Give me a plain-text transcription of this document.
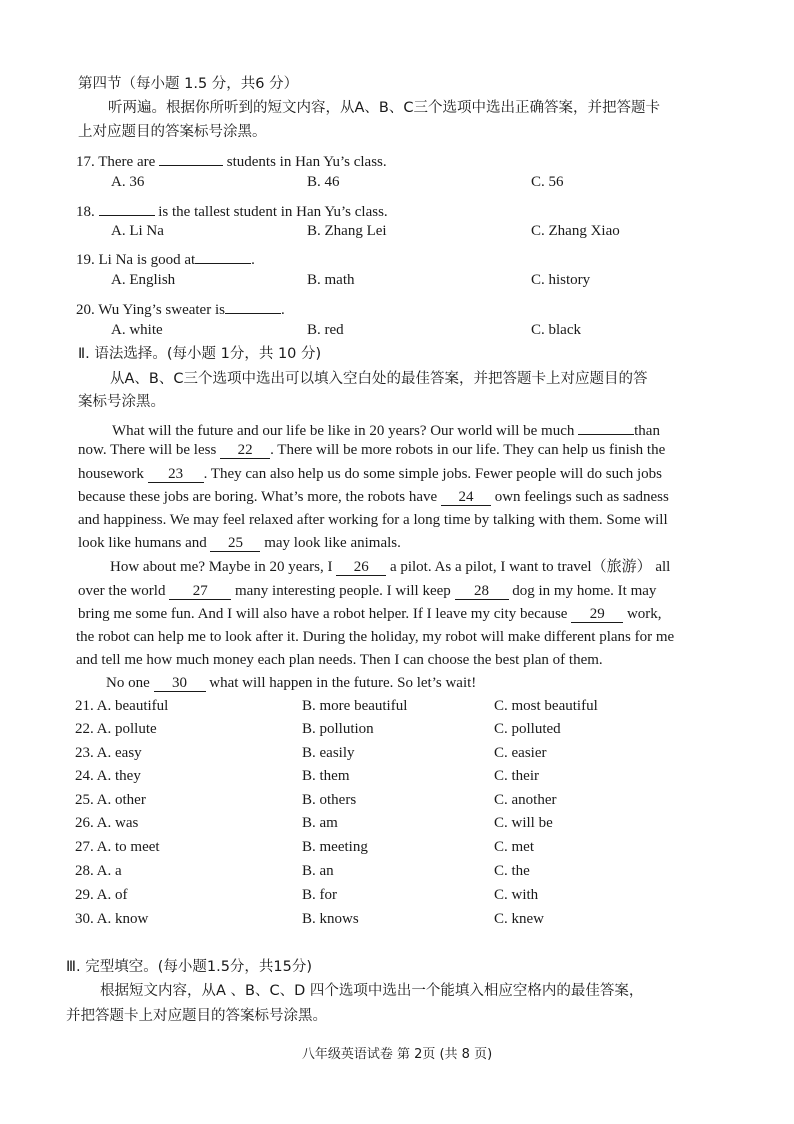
第四节（每小题 1.5 分，共6 分）
听两遍。根据你所听到的短文内容，从A、B、C三个选项中选出正确答案，并把答题卡
上对应题目的答案标号涂黑。
17. There are	students in Han Yu’s class.
A. 36	B. 46	C. 56
18.	is the tallest student in Han Yu’s class.
A. Li Na	B. Zhang Lei	C. Zhang Xiao
19. Li Na is good at	.
A. English	B. math	C. history
20. Wu Ying’s sweater is	.
A. white	B. red	C. black
Ⅱ. 语法选择。(每小题 1分，共 10 分)
从A、B、C三个选项中选出可以填入空白处的最佳答案，并把答题卡上对应题目的答
案标号涂黑。
What will the future and our life be like in 20 years? Our world will be much	than
now. There will be less 22 . There will be more robots in our life. They can help us finish the
housework 23 . They can also help us do some simple jobs. Fewer people will do such jobs
because these jobs are boring. What’s more, the robots have 24 own feelings such as sadness
and happiness. We may feel relaxed after working for a long time by talking with them. Some will
look like humans and 25 may look like animals.
How about me? Maybe in 20 years, I 26 a pilot. As a pilot, I want to travel（旅游） all
over the world 27 many interesting people. I will keep 28 dog in my home. It may
bring me some fun. And I will also have a robot helper. If I leave my city because 29 work,
the robot can help me to look after it. During the holiday, my robot will make different plans for me
and tell me how much money each plan needs. Then I can choose the best plan of them.
No one 30 what will happen in the future. So let’s wait!
21. A. beautiful	B. more beautiful	C. most beautiful
22. A. pollute	B. pollution	C. polluted
23. A. easy	B. easily	C. easier
24. A. they	B. them	C. their
25. A. other	B. others	C. another
26. A. was	B. am	C. will be
27. A. to meet	B. meeting	C. met
28. A. a	B. an	C. the
29. A. of	B. for	C. with
30. A. know	B. knows	C. knew
Ⅲ. 完型填空。(每小题1.5分，共15分)
根据短文内容，从A 、B、C、D 四个选项中选出一个能填入相应空格内的最佳答案，
并把答题卡上对应题目的答案标号涂黑。
八年级英语试卷 第 2页 (共 8 页)
